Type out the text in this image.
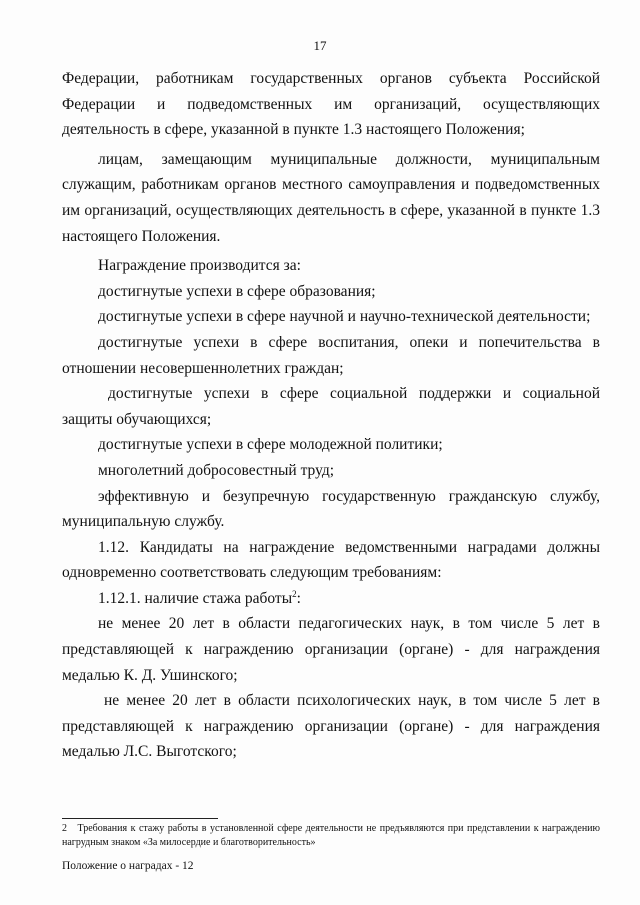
17

Федерации, работникам государственных органов субъекта Российской Федерации и подведомственных им организаций, осуществляющих деятельность в сфере, указанной в пункте 1.3 настоящего Положения;

лицам, замещающим муниципальные должности, муниципальным служащим, работникам органов местного самоуправления и подведомственных им организаций, осуществляющих деятельность в сфере, указанной в пункте 1.3 настоящего Положения.

Награждение производится за:

достигнутые успехи в сфере образования;

достигнутые успехи в сфере научной и научно-технической деятельности;

достигнутые успехи в сфере воспитания, опеки и попечительства в отношении несовершеннолетних граждан;

достигнутые успехи в сфере социальной поддержки и социальной защиты обучающихся;

достигнутые успехи в сфере молодежной политики;

многолетний добросовестный труд;

эффективную и безупречную государственную гражданскую службу, муниципальную службу.

1.12. Кандидаты на награждение ведомственными наградами должны одновременно соответствовать следующим требованиям:

1.12.1. наличие стажа работы$^2$:

не менее 20 лет в области педагогических наук, в том числе 5 лет в представляющей к награждению организации (органе) - для награждения медалью К. Д. Ушинского;

не менее 20 лет в области психологических наук, в том числе 5 лет в представляющей к награждению организации (органе) - для награждения медалью Л.С. Выготского;

2 Требования к стажу работы в установленной сфере деятельности не предъявляются при представлении к награждению нагрудным знаком «За милосердие и благотворительность»
Положение о наградах - 12
